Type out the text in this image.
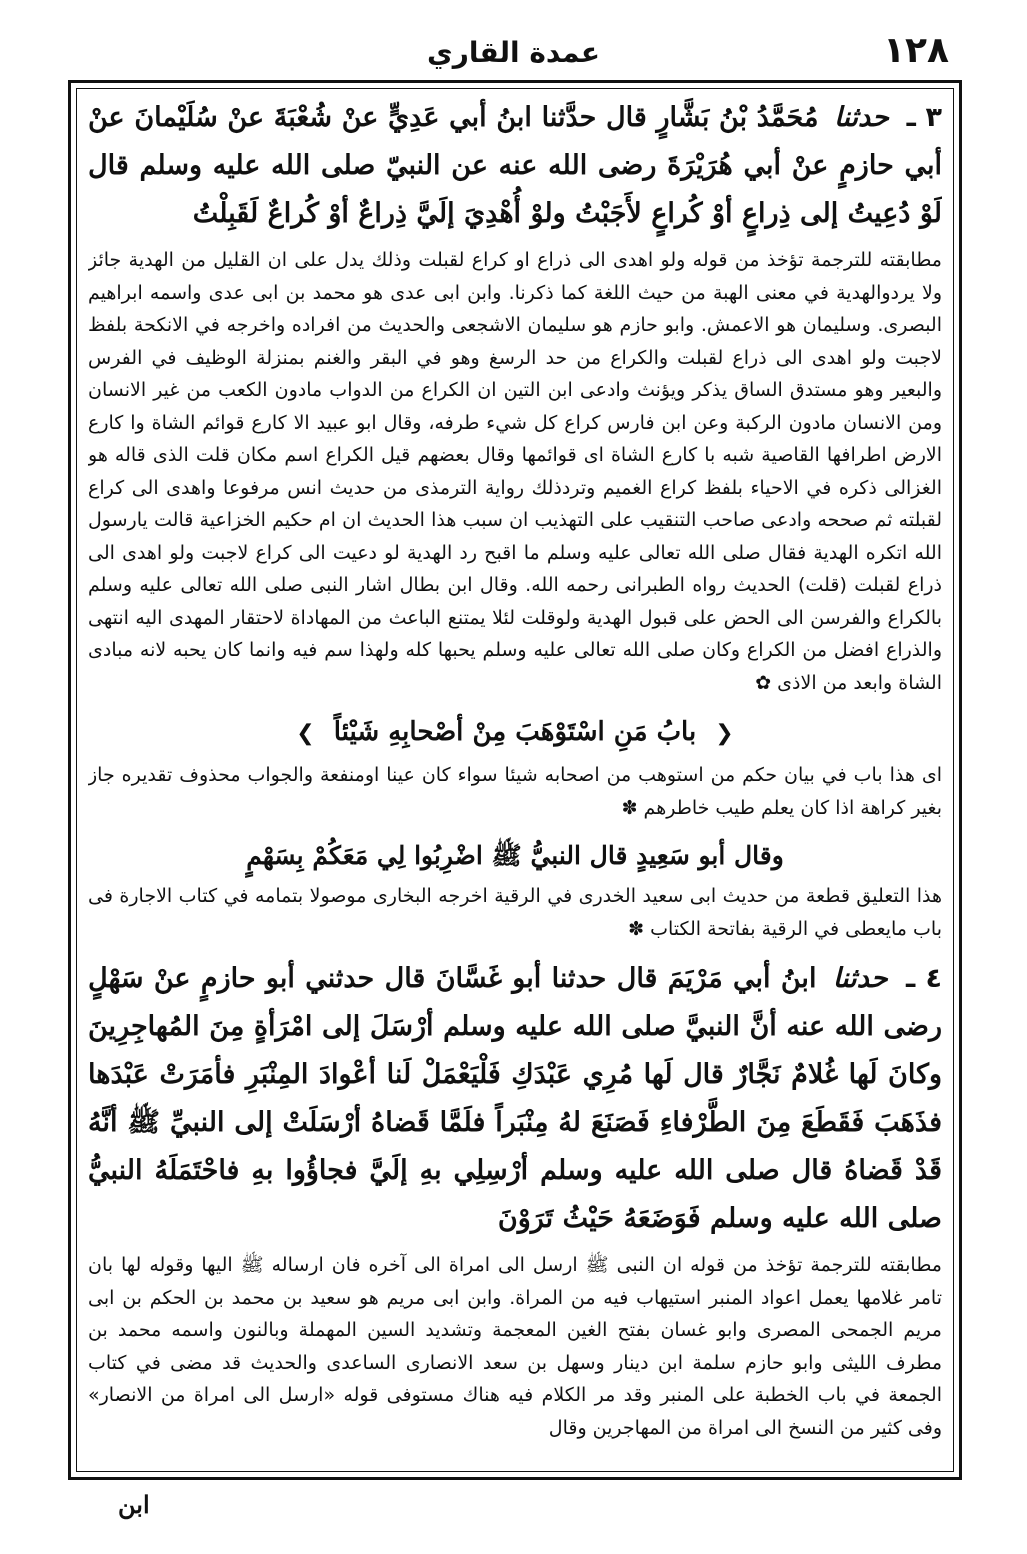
١٢٨
عمدة القاري

٣ ـ حدثنا مُحَمَّدُ بْنُ بَشَّارٍ قال حدَّثنا ابنُ أبي عَدِيٍّ عنْ شُعْبَةَ عنْ سُلَيْمانَ عنْ أبي حازمٍ عنْ أبي هُرَيْرَةَ رضى الله عنه عن النبيّ صلى الله عليه وسلم قال لَوْ دُعِيتُ إلى ذِراعٍ أوْ كُراعٍ لأَجَبْتُ ولوْ أُهْدِيَ إلَيَّ ذِراعٌ أوْ كُراعٌ لَقَبِلْتُ

مطابقته للترجمة تؤخذ من قوله ولو اهدى الى ذراع او كراع لقبلت وذلك يدل على ان القليل من الهدية جائز ولا يردوالهدية في معنى الهبة من حيث اللغة كما ذكرنا. وابن ابى عدى هو محمد بن ابى عدى واسمه ابراهيم البصرى. وسليمان هو الاعمش. وابو حازم هو سليمان الاشجعى والحديث من افراده واخرجه في الانكحة بلفظ لاجبت ولو اهدى الى ذراع لقبلت والكراع من حد الرسغ وهو في البقر والغنم بمنزلة الوظيف في الفرس والبعير وهو مستدق الساق يذكر ويؤنث وادعى ابن التين ان الكراع من الدواب مادون الكعب من غير الانسان ومن الانسان مادون الركبة وعن ابن فارس كراع كل شيء طرفه، وقال ابو عبيد الا كارع قوائم الشاة وا كارع الارض اطرافها القاصية شبه با كارع الشاة اى قوائمها وقال بعضهم قيل الكراع اسم مكان قلت الذى قاله هو الغزالى ذكره في الاحياء بلفظ كراع الغميم وتردذلك رواية الترمذى من حديث انس مرفوعا واهدى الى كراع لقبلته ثم صححه وادعى صاحب التنقيب على التهذيب ان سبب هذا الحديث ان ام حكيم الخزاعية قالت يارسول الله اتكره الهدية فقال صلى الله تعالى عليه وسلم ما اقبح رد الهدية لو دعيت الى كراع لاجبت ولو اهدى الى ذراع لقبلت (قلت) الحديث رواه الطبرانى رحمه الله. وقال ابن بطال اشار النبى صلى الله تعالى عليه وسلم بالكراع والفرسن الى الحض على قبول الهدية ولوقلت لئلا يمتنع الباعث من المهاداة لاحتقار المهدى اليه انتهى والذراع افضل من الكراع وكان صلى الله تعالى عليه وسلم يحبها كله ولهذا سم فيه وانما كان يحبه لانه مبادى الشاة وابعد من الاذى ✿

❮ بابُ مَنِ اسْتَوْهَبَ مِنْ أصْحابِهِ شَيْئاً ❯

اى هذا باب في بيان حكم من استوهب من اصحابه شيئا سواء كان عينا اومنفعة والجواب محذوف تقديره جاز بغير كراهة اذا كان يعلم طيب خاطرهم ✽

وقال أبو سَعِيدٍ قال النبيُّ ﷺ اضْرِبُوا لِي مَعَكُمْ بِسَهْمٍ

هذا التعليق قطعة من حديث ابى سعيد الخدرى في الرقية اخرجه البخارى موصولا بتمامه في كتاب الاجارة فى باب مايعطى في الرقية بفاتحة الكتاب ✽

٤ ـ حدثنا ابنُ أبي مَرْيَمَ قال حدثنا أبو غَسَّانَ قال حدثني أبو حازمٍ عنْ سَهْلٍ رضى الله عنه أنَّ النبيَّ صلى الله عليه وسلم أرْسَلَ إلى امْرَأةٍ مِنَ المُهاجِرِينَ وكانَ لَها غُلامٌ نَجَّارٌ قال لَها مُرِي عَبْدَكِ فَلْيَعْمَلْ لَنا أعْوادَ المِنْبَرِ فأمَرَتْ عَبْدَها فذَهَبَ فَقَطَعَ مِنَ الطَّرْفاءِ فَصَنَعَ لهُ مِنْبَراً فلَمَّا قَضاهُ أرْسَلَتْ إلى النبيِّ ﷺ أنَّهُ قَدْ قَضاهُ قال صلى الله عليه وسلم أرْسِلِي بهِ إلَيَّ فجاؤُوا بهِ فاحْتَمَلَهُ النبيُّ صلى الله عليه وسلم فَوَضَعَهُ حَيْثُ تَرَوْنَ

مطابقته للترجمة تؤخذ من قوله ان النبى ﷺ ارسل الى امراة الى آخره فان ارساله ﷺ اليها وقوله لها بان تامر غلامها يعمل اعواد المنبر استيهاب فيه من المراة. وابن ابى مريم هو سعيد بن محمد بن الحكم بن ابى مريم الجمحى المصرى وابو غسان بفتح الغين المعجمة وتشديد السين المهملة وبالنون واسمه محمد بن مطرف الليثى وابو حازم سلمة ابن دينار وسهل بن سعد الانصارى الساعدى والحديث قد مضى في كتاب الجمعة في باب الخطبة على المنبر وقد مر الكلام فيه هناك مستوفى قوله «ارسل الى امراة من الانصار» وفى كثير من النسخ الى امراة من المهاجرين وقال

ابن
